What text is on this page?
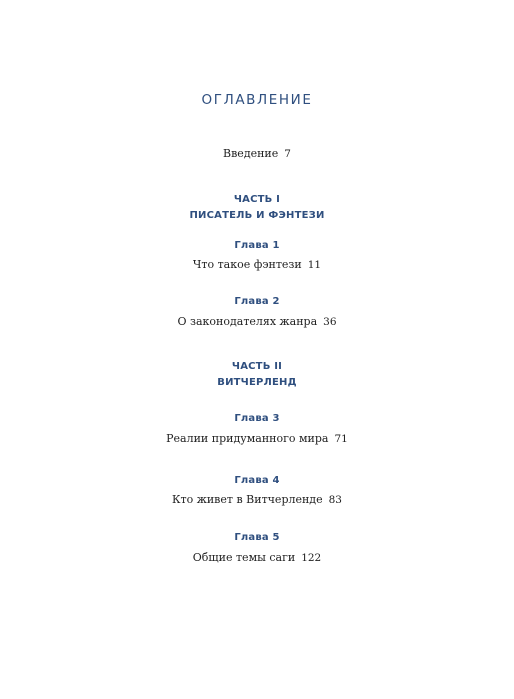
ОГЛАВЛЕНИЕ
Введение 7
ЧАСТЬ I
ПИСАТЕЛЬ И ФЭНТЕЗИ
Глава 1
Что такое фэнтези 11
Глава 2
О законодателях жанра 36
ЧАСТЬ II
ВИТЧЕРЛЕНД
Глава 3
Реалии придуманного мира 71
Глава 4
Кто живет в Витчерленде 83
Глава 5
Общие темы саги 122
